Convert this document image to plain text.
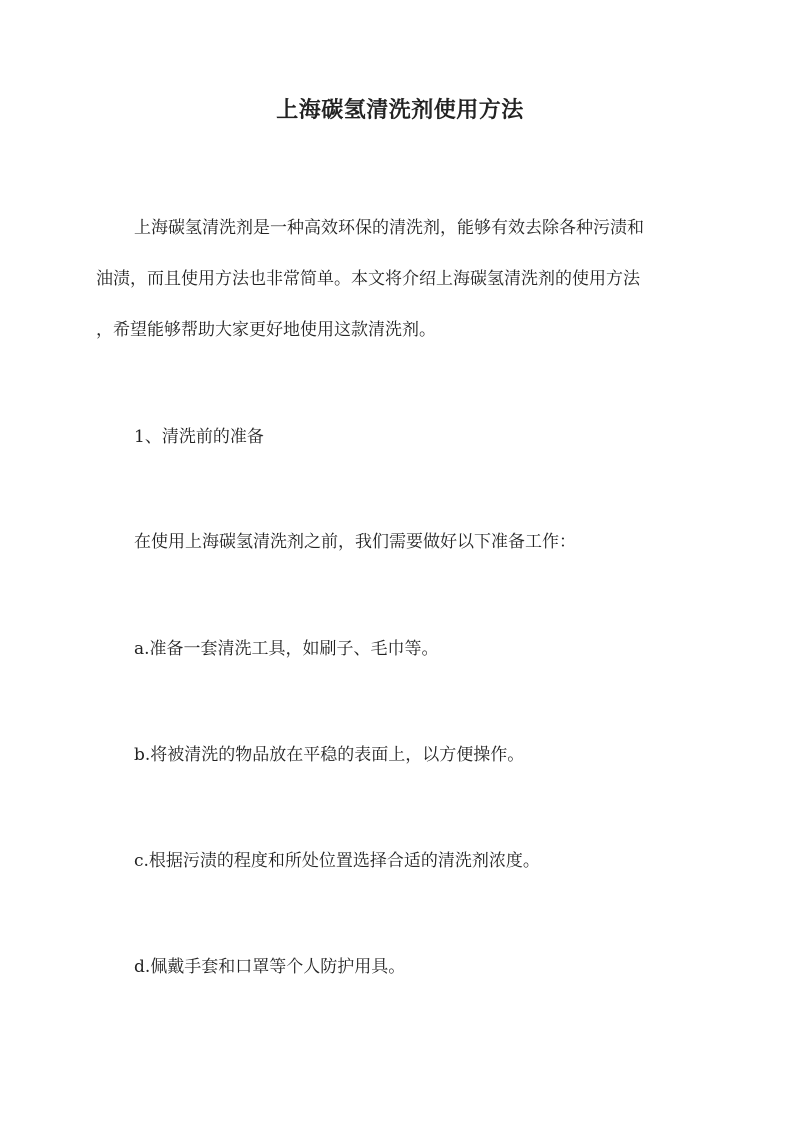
上海碳氢清洗剂使用方法
上海碳氢清洗剂是一种高效环保的清洗剂，能够有效去除各种污渍和
油渍，而且使用方法也非常简单。本文将介绍上海碳氢清洗剂的使用方法
，希望能够帮助大家更好地使用这款清洗剂。
1、清洗前的准备
在使用上海碳氢清洗剂之前，我们需要做好以下准备工作：
a.准备一套清洗工具，如刷子、毛巾等。
b.将被清洗的物品放在平稳的表面上，以方便操作。
c.根据污渍的程度和所处位置选择合适的清洗剂浓度。
d.佩戴手套和口罩等个人防护用具。
